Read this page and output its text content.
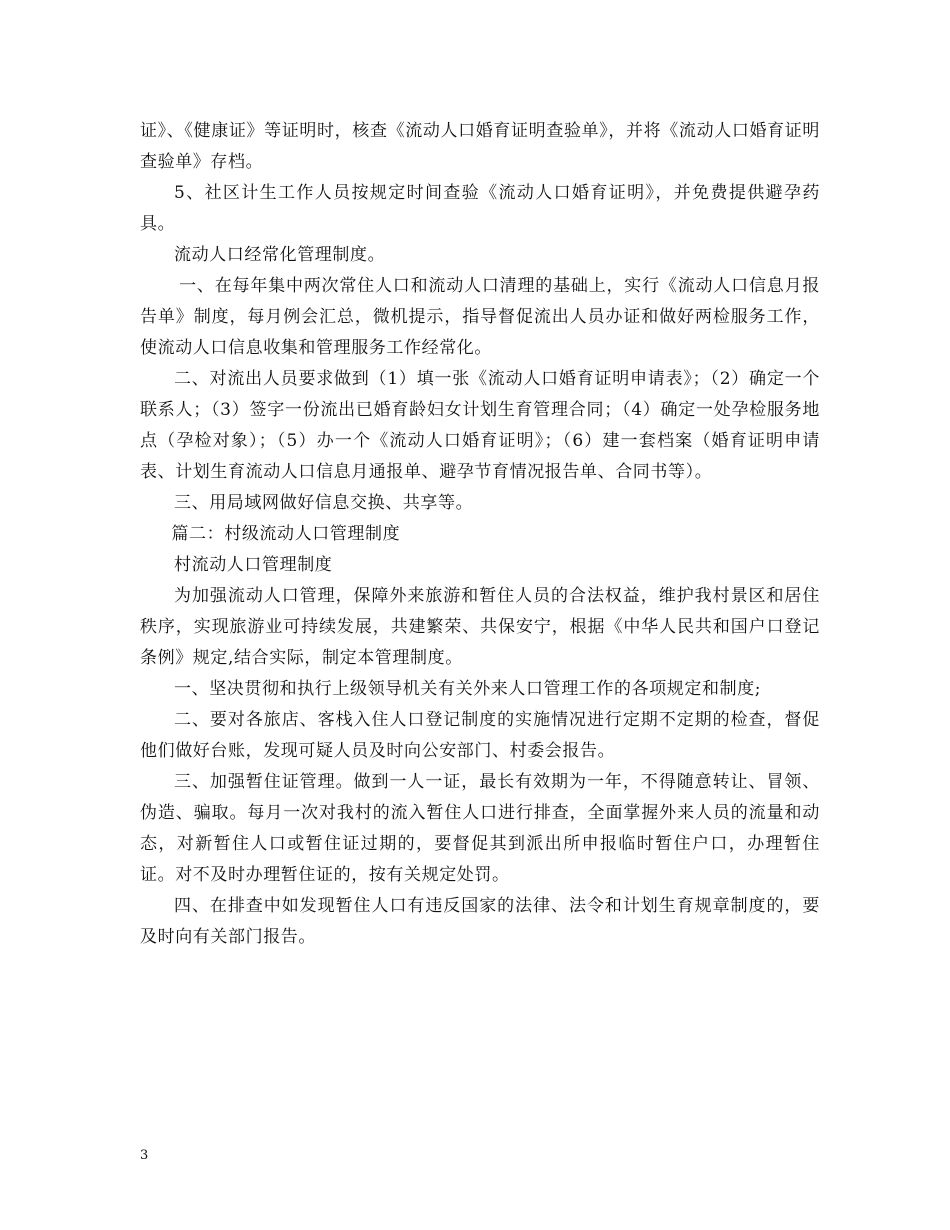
证》、《健康证》等证明时，核查《流动人口婚育证明查验单》，并将《流动人口婚育证明查验单》存档。

5、社区计生工作人员按规定时间查验《流动人口婚育证明》，并免费提供避孕药具。

流动人口经常化管理制度。

一、在每年集中两次常住人口和流动人口清理的基础上，实行《流动人口信息月报告单》制度，每月例会汇总，微机提示，指导督促流出人员办证和做好两检服务工作，使流动人口信息收集和管理服务工作经常化。

二、对流出人员要求做到（1）填一张《流动人口婚育证明申请表》；（2）确定一个联系人；（3）签字一份流出已婚育龄妇女计划生育管理合同；（4）确定一处孕检服务地点（孕检对象）；（5）办一个《流动人口婚育证明》；（6）建一套档案（婚育证明申请表、计划生育流动人口信息月通报单、避孕节育情况报告单、合同书等）。

三、用局域网做好信息交换、共享等。

篇二：村级流动人口管理制度

村流动人口管理制度

为加强流动人口管理，保障外来旅游和暂住人员的合法权益，维护我村景区和居住秩序，实现旅游业可持续发展，共建繁荣、共保安宁，根据《中华人民共和国户口登记条例》规定,结合实际，制定本管理制度。

一、坚决贯彻和执行上级领导机关有关外来人口管理工作的各项规定和制度;

二、要对各旅店、客栈入住人口登记制度的实施情况进行定期不定期的检查，督促他们做好台账，发现可疑人员及时向公安部门、村委会报告。

三、加强暂住证管理。做到一人一证，最长有效期为一年，不得随意转让、冒领、伪造、骗取。每月一次对我村的流入暂住人口进行排查，全面掌握外来人员的流量和动态，对新暂住人口或暂住证过期的，要督促其到派出所申报临时暂住户口，办理暂住证。对不及时办理暂住证的，按有关规定处罚。

四、在排查中如发现暂住人口有违反国家的法律、法令和计划生育规章制度的，要及时向有关部门报告。

3
